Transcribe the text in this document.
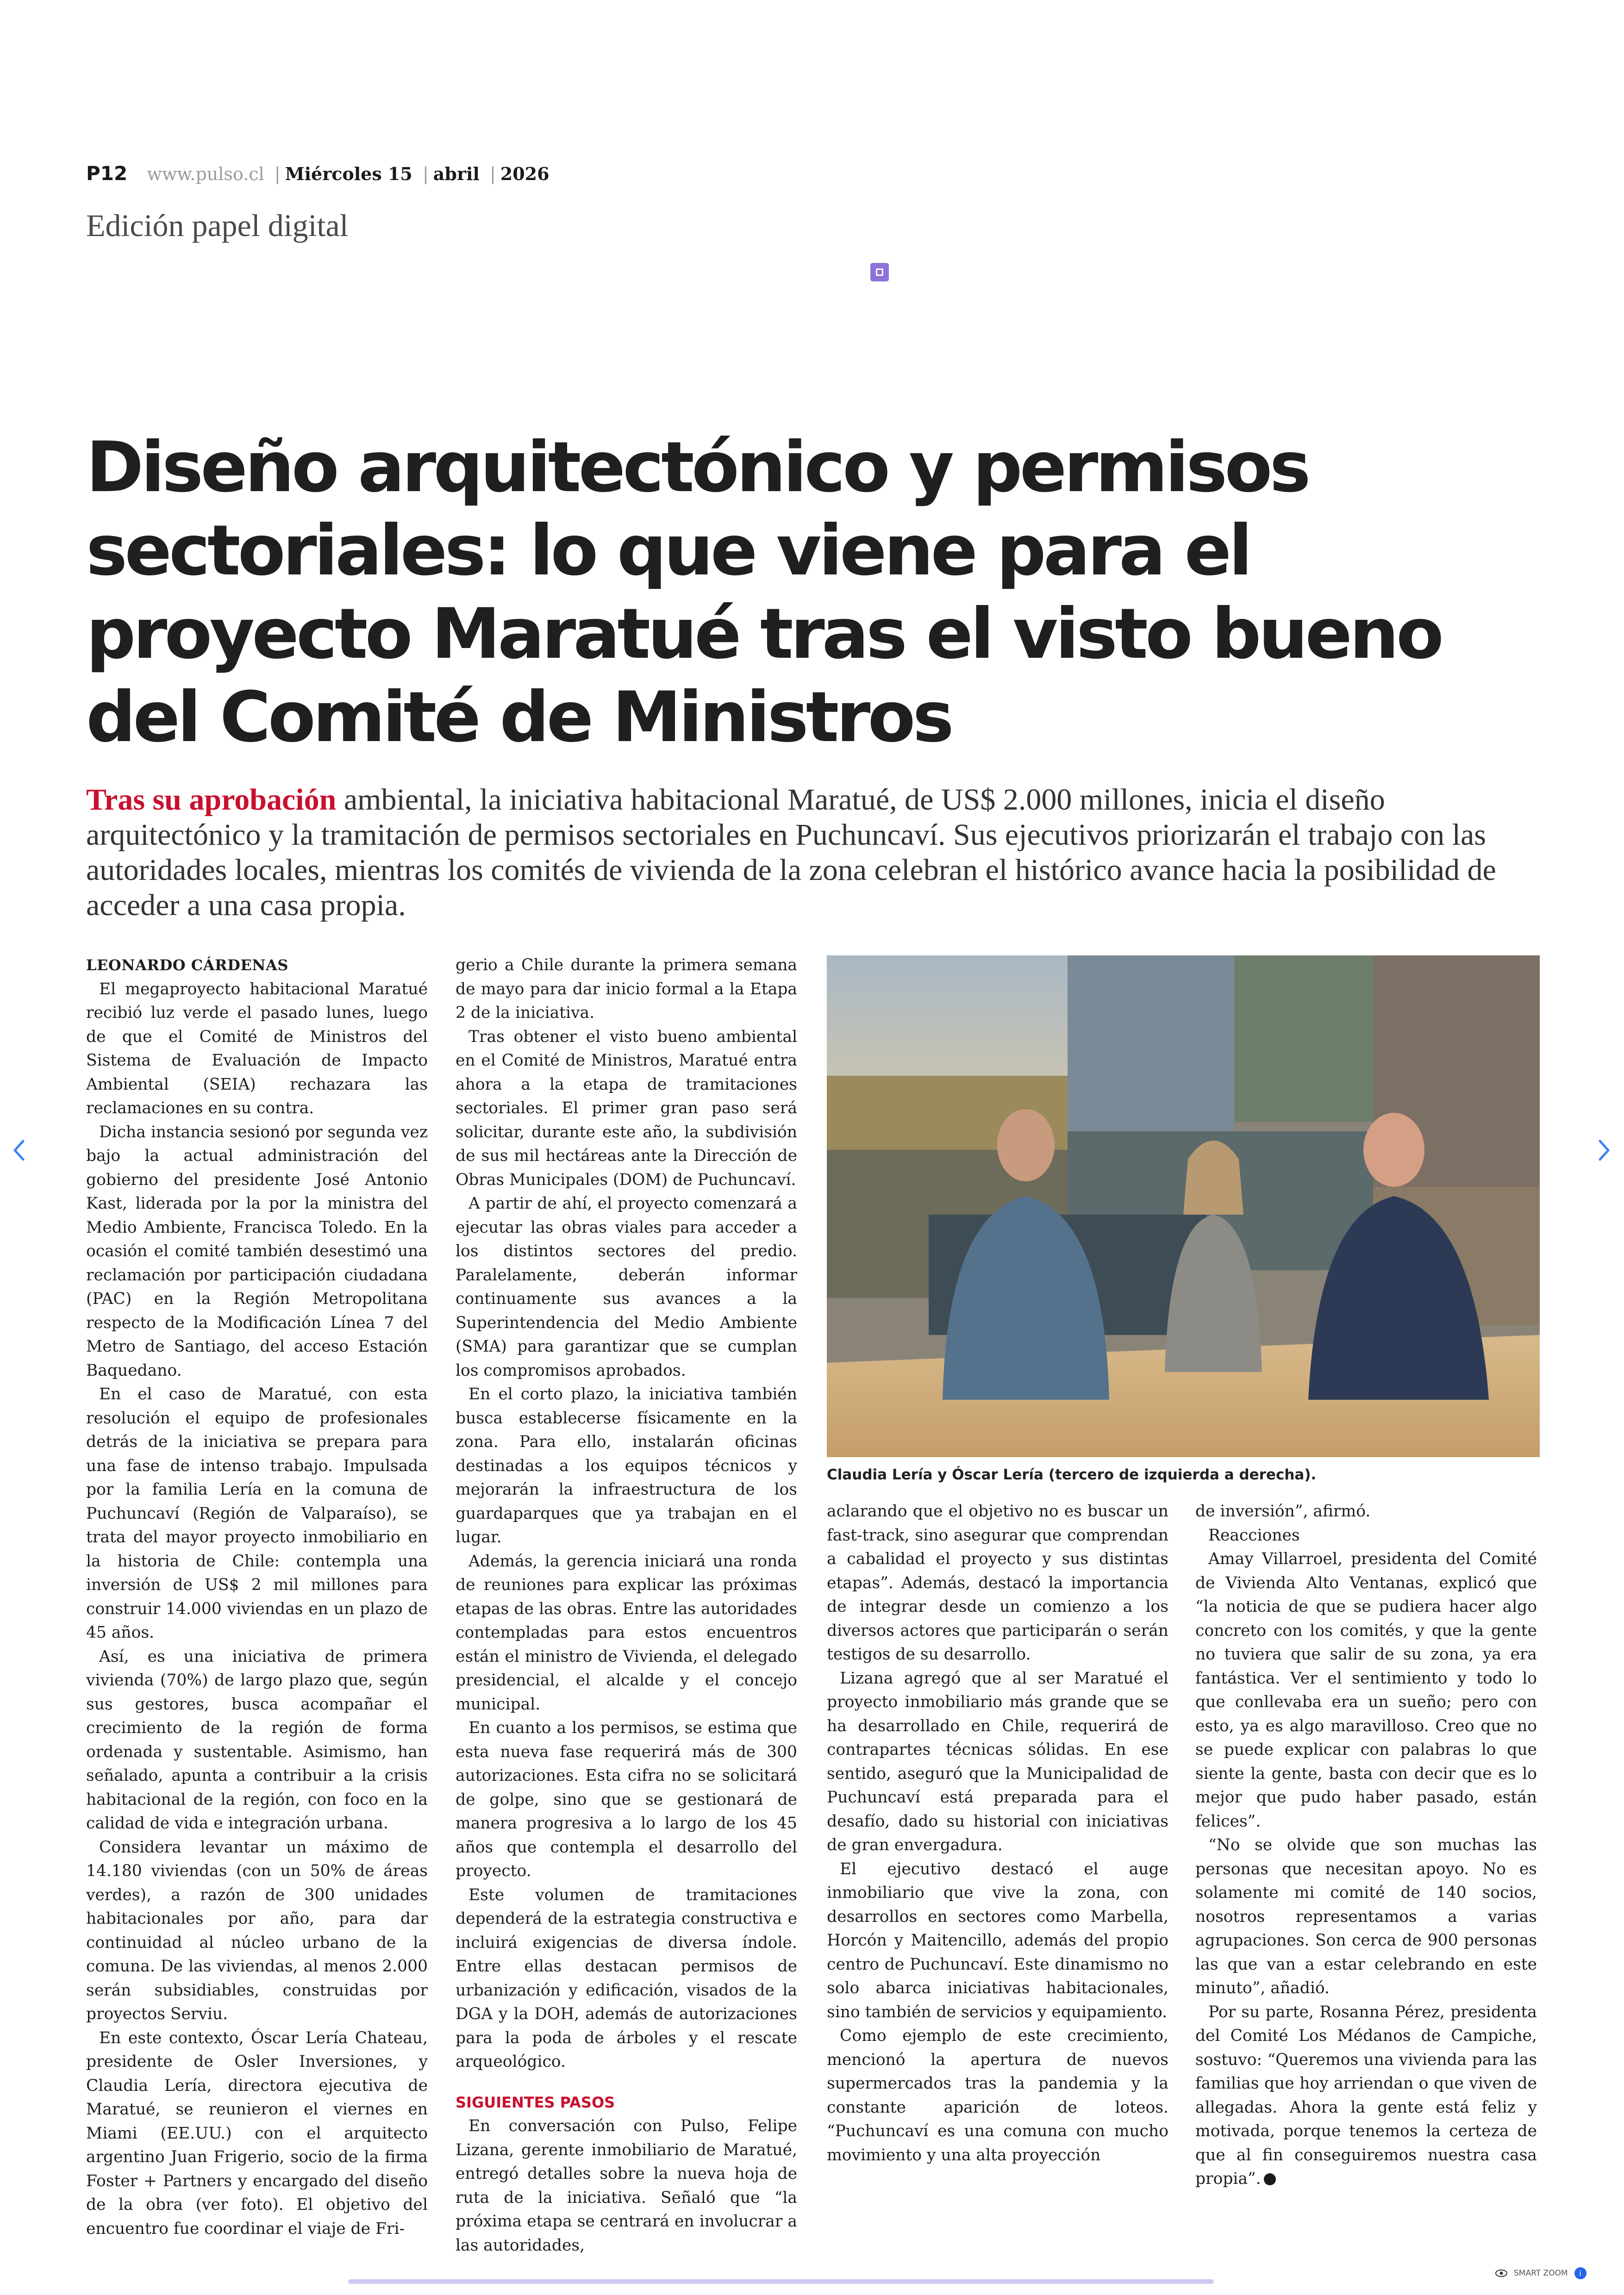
P12 www.pulso.cl | Miércoles 15 | abril | 2026
Edición papel digital
Diseño arquitectónico y permisos sectoriales: lo que viene para el proyecto Maratué tras el visto bueno del Comité de Ministros
Tras su aprobación ambiental, la iniciativa habitacional Maratué, de US$ 2.000 millones, inicia el diseño arquitectónico y la tramitación de permisos sectoriales en Puchuncaví. Sus ejecutivos priorizarán el trabajo con las autoridades locales, mientras los comités de vivienda de la zona celebran el histórico avance hacia la posibilidad de acceder a una casa propia.

LEONARDO CÁRDENAS

El megaproyecto habitacional Maratué recibió luz verde el pasado lunes, luego de que el Comité de Ministros del Sistema de Evaluación de Impacto Ambiental (SEIA) rechazara las reclamaciones en su contra.

Dicha instancia sesionó por segunda vez bajo la actual administración del gobierno del presidente José Antonio Kast, liderada por la por la ministra del Medio Ambiente, Francisca Toledo. En la ocasión el comité también desestimó una reclamación por participación ciudadana (PAC) en la Región Metropolitana respecto de la Modificación Línea 7 del Metro de Santiago, del acceso Estación Baquedano.

En el caso de Maratué, con esta resolución el equipo de profesionales detrás de la iniciativa se prepara para una fase de intenso trabajo. Impulsada por la familia Lería en la comuna de Puchuncaví (Región de Valparaíso), se trata del mayor proyecto inmobiliario en la historia de Chile: contempla una inversión de US$ 2 mil millones para construir 14.000 viviendas en un plazo de 45 años.

Así, es una iniciativa de primera vivienda (70%) de largo plazo que, según sus gestores, busca acompañar el crecimiento de la región de forma ordenada y sustentable. Asimismo, han señalado, apunta a contribuir a la crisis habitacional de la región, con foco en la calidad de vida e integración urbana.

Considera levantar un máximo de 14.180 viviendas (con un 50% de áreas verdes), a razón de 300 unidades habitacionales por año, para dar continuidad al núcleo urbano de la comuna. De las viviendas, al menos 2.000 serán subsidiables, construidas por proyectos Serviu.

En este contexto, Óscar Lería Chateau, presidente de Osler Inversiones, y Claudia Lería, directora ejecutiva de Maratué, se reunieron el viernes en Miami (EE.UU.) con el arquitecto argentino Juan Frigerio, socio de la firma Foster + Partners y encargado del diseño de la obra (ver foto). El objetivo del encuentro fue coordinar el viaje de Fri-

gerio a Chile durante la primera semana de mayo para dar inicio formal a la Etapa 2 de la iniciativa.

Tras obtener el visto bueno ambiental en el Comité de Ministros, Maratué entra ahora a la etapa de tramitaciones sectoriales. El primer gran paso será solicitar, durante este año, la subdivisión de sus mil hectáreas ante la Dirección de Obras Municipales (DOM) de Puchuncaví.

A partir de ahí, el proyecto comenzará a ejecutar las obras viales para acceder a los distintos sectores del predio. Paralelamente, deberán informar continuamente sus avances a la Superintendencia del Medio Ambiente (SMA) para garantizar que se cumplan los compromisos aprobados.

En el corto plazo, la iniciativa también busca establecerse físicamente en la zona. Para ello, instalarán oficinas destinadas a los equipos técnicos y mejorarán la infraestructura de los guardaparques que ya trabajan en el lugar.

Además, la gerencia iniciará una ronda de reuniones para explicar las próximas etapas de las obras. Entre las autoridades contempladas para estos encuentros están el ministro de Vivienda, el delegado presidencial, el alcalde y el concejo municipal.

En cuanto a los permisos, se estima que esta nueva fase requerirá más de 300 autorizaciones. Esta cifra no se solicitará de golpe, sino que se gestionará de manera progresiva a lo largo de los 45 años que contempla el desarrollo del proyecto.

Este volumen de tramitaciones dependerá de la estrategia constructiva e incluirá exigencias de diversa índole. Entre ellas destacan permisos de urbanización y edificación, visados de la DGA y la DOH, además de autorizaciones para la poda de árboles y el rescate arqueológico.

SIGUIENTES PASOS

En conversación con Pulso, Felipe Lizana, gerente inmobiliario de Maratué, entregó detalles sobre la nueva hoja de ruta de la iniciativa. Señaló que “la próxima etapa se centrará en involucrar a las autoridades,

Claudia Lería y Óscar Lería (tercero de izquierda a derecha).

aclarando que el objetivo no es buscar un fast-track, sino asegurar que comprendan a cabalidad el proyecto y sus distintas etapas”. Además, destacó la importancia de integrar desde un comienzo a los diversos actores que participarán o serán testigos de su desarrollo.

Lizana agregó que al ser Maratué el proyecto inmobiliario más grande que se ha desarrollado en Chile, requerirá de contrapartes técnicas sólidas. En ese sentido, aseguró que la Municipalidad de Puchuncaví está preparada para el desafío, dado su historial con iniciativas de gran envergadura.

El ejecutivo destacó el auge inmobiliario que vive la zona, con desarrollos en sectores como Marbella, Horcón y Maitencillo, además del propio centro de Puchuncaví. Este dinamismo no solo abarca iniciativas habitacionales, sino también de servicios y equipamiento.

Como ejemplo de este crecimiento, mencionó la apertura de nuevos supermercados tras la pandemia y la constante aparición de loteos. “Puchuncaví es una comuna con mucho movimiento y una alta proyección

de inversión”, afirmó.

Reacciones

Amay Villarroel, presidenta del Comité de Vivienda Alto Ventanas, explicó que “la noticia de que se pudiera hacer algo concreto con los comités, y que la gente no tuviera que salir de su zona, ya era fantástica. Ver el sentimiento y todo lo que conllevaba era un sueño; pero con esto, ya es algo maravilloso. Creo que no se puede explicar con palabras lo que siente la gente, basta con decir que es lo mejor que pudo haber pasado, están felices”.

“No se olvide que son muchas las personas que necesitan apoyo. No es solamente mi comité de 140 socios, nosotros representamos a varias agrupaciones. Son cerca de 900 personas las que van a estar celebrando en este minuto”, añadió.

Por su parte, Rosanna Pérez, presidenta del Comité Los Médanos de Campiche, sostuvo: “Queremos una vivienda para las familias que hoy arriendan o que viven de allegadas. Ahora la gente está feliz y motivada, porque tenemos la certeza de que al fin conseguiremos nuestra casa propia”.

SMART ZOOM	i
